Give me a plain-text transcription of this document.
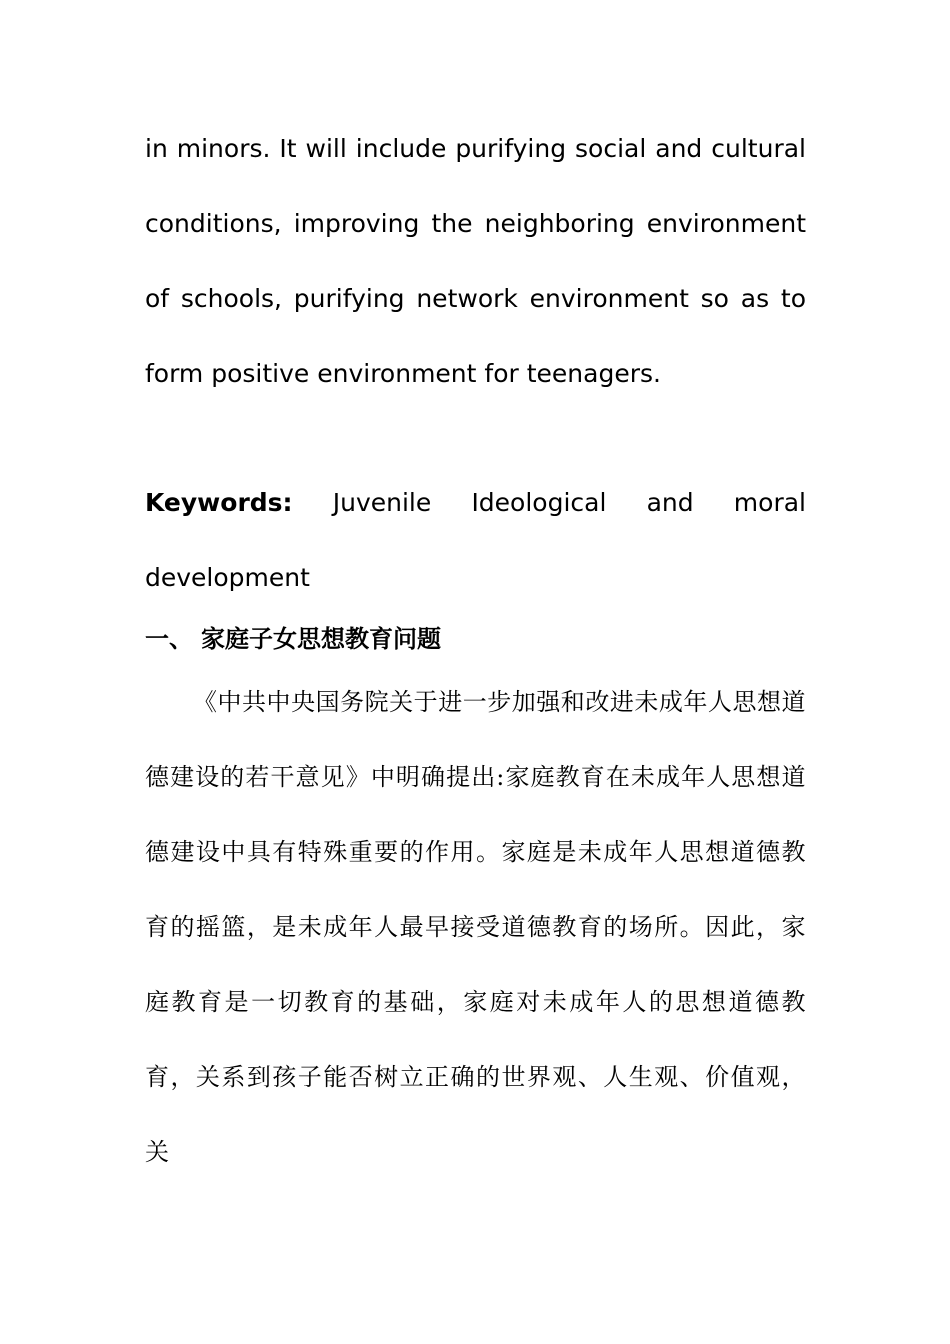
in minors. It will include purifying social and cultural conditions, improving the neighboring environment of schools, purifying network environment so as to form positive environment for teenagers.

Keywords: Juvenile Ideological and moral development

一、 家庭子女思想教育问题

《中共中央国务院关于进一步加强和改进未成年人思想道德建设的若干意见》中明确提出:家庭教育在未成年人思想道德建设中具有特殊重要的作用。家庭是未成年人思想道德教育的摇篮，是未成年人最早接受道德教育的场所。因此，家庭教育是一切教育的基础，家庭对未成年人的思想道德教育，关系到孩子能否树立正确的世界观、人生观、价值观，关
